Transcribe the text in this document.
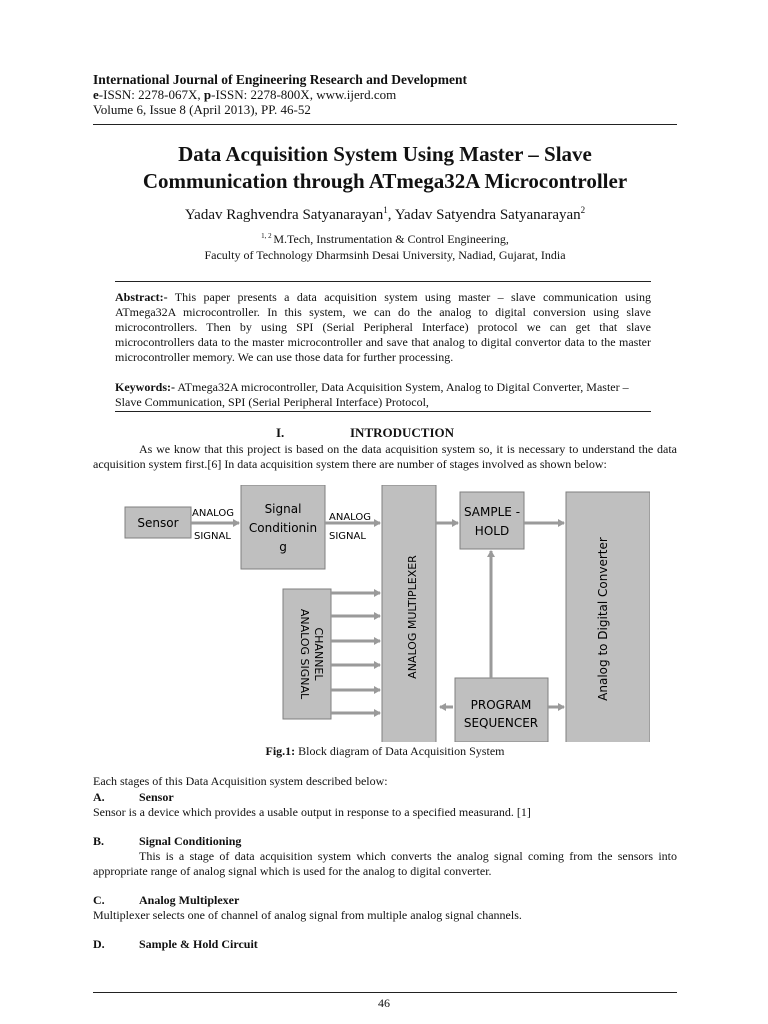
International Journal of Engineering Research and Development
e-ISSN: 2278-067X, p-ISSN: 2278-800X, www.ijerd.com
Volume 6, Issue 8 (April 2013), PP. 46-52
Data Acquisition System Using Master – Slave
Communication through ATmega32A Microcontroller
Yadav Raghvendra Satyanarayan$^1$, Yadav Satyendra Satyanarayan$^2$
$^{1, 2}$ M.Tech, Instrumentation & Control Engineering,
Faculty of Technology Dharmsinh Desai University, Nadiad, Gujarat, India
Abstract:- This paper presents a data acquisition system using master – slave communication using ATmega32A microcontroller. In this system, we can do the analog to digital conversion using slave microcontrollers. Then by using SPI (Serial Peripheral Interface) protocol we can get that slave microcontrollers data to the master microcontroller and save that analog to digital convertor data to the master microcontroller memory. We can use those data for further processing.
Keywords:- ATmega32A microcontroller, Data Acquisition System, Analog to Digital Converter, Master – Slave Communication, SPI (Serial Peripheral Interface) Protocol,
I.	INTRODUCTION
As we know that this project is based on the data acquisition system so, it is necessary to understand the data acquisition system first.[6] In data acquisition system there are number of stages involved as shown below:
Sensor
ANALOG
SIGNAL
Signal
Conditionin
g
ANALOG
SIGNAL
ANALOG MULTIPLEXER
ANALOG SIGNAL CHANNEL
SAMPLE -
HOLD
PROGRAM
SEQUENCER
Analog to Digital Converter
Fig.1: Block diagram of Data Acquisition System
Each stages of this Data Acquisition system described below:
A.	Sensor
Sensor is a device which provides a usable output in response to a specified measurand. [1]
B.	Signal Conditioning
This is a stage of data acquisition system which converts the analog signal coming from the sensors into appropriate range of analog signal which is used for the analog to digital converter.
C.	Analog Multiplexer
Multiplexer selects one of channel of analog signal from multiple analog signal channels.
D.	Sample & Hold Circuit
46
